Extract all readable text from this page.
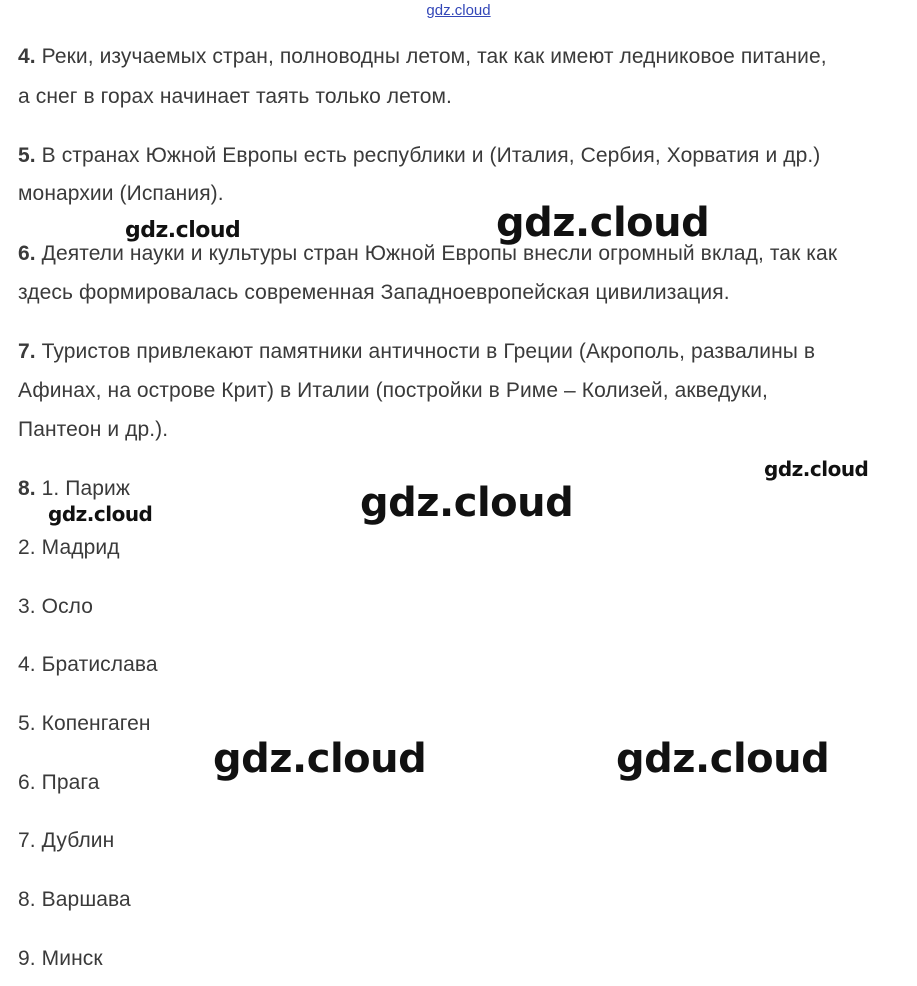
gdz.cloud
4. Реки, изучаемых стран, полноводны летом, так как имеют ледниковое питание,
а снег в горах начинает таять только летом.
5. В странах Южной Европы есть республики и (Италия, Сербия, Хорватия и др.)
монархии (Испания).
6. Деятели науки и культуры стран Южной Европы внесли огромный вклад, так как
здесь формировалась современная Западноевропейская цивилизация.
7. Туристов привлекают памятники античности в Греции (Акрополь, развалины в
Афинах, на острове Крит) в Италии (постройки в Риме – Колизей, акведуки,
Пантеон и др.).
8. 1. Париж
2. Мадрид
3. Осло
4. Братислава
5. Копенгаген
6. Прага
7. Дублин
8. Варшава
9. Минск
gdz.cloud	gdz.cloud
gdz.cloud
gdz.cloud
gdz.cloud
gdz.cloud	gdz.cloud
